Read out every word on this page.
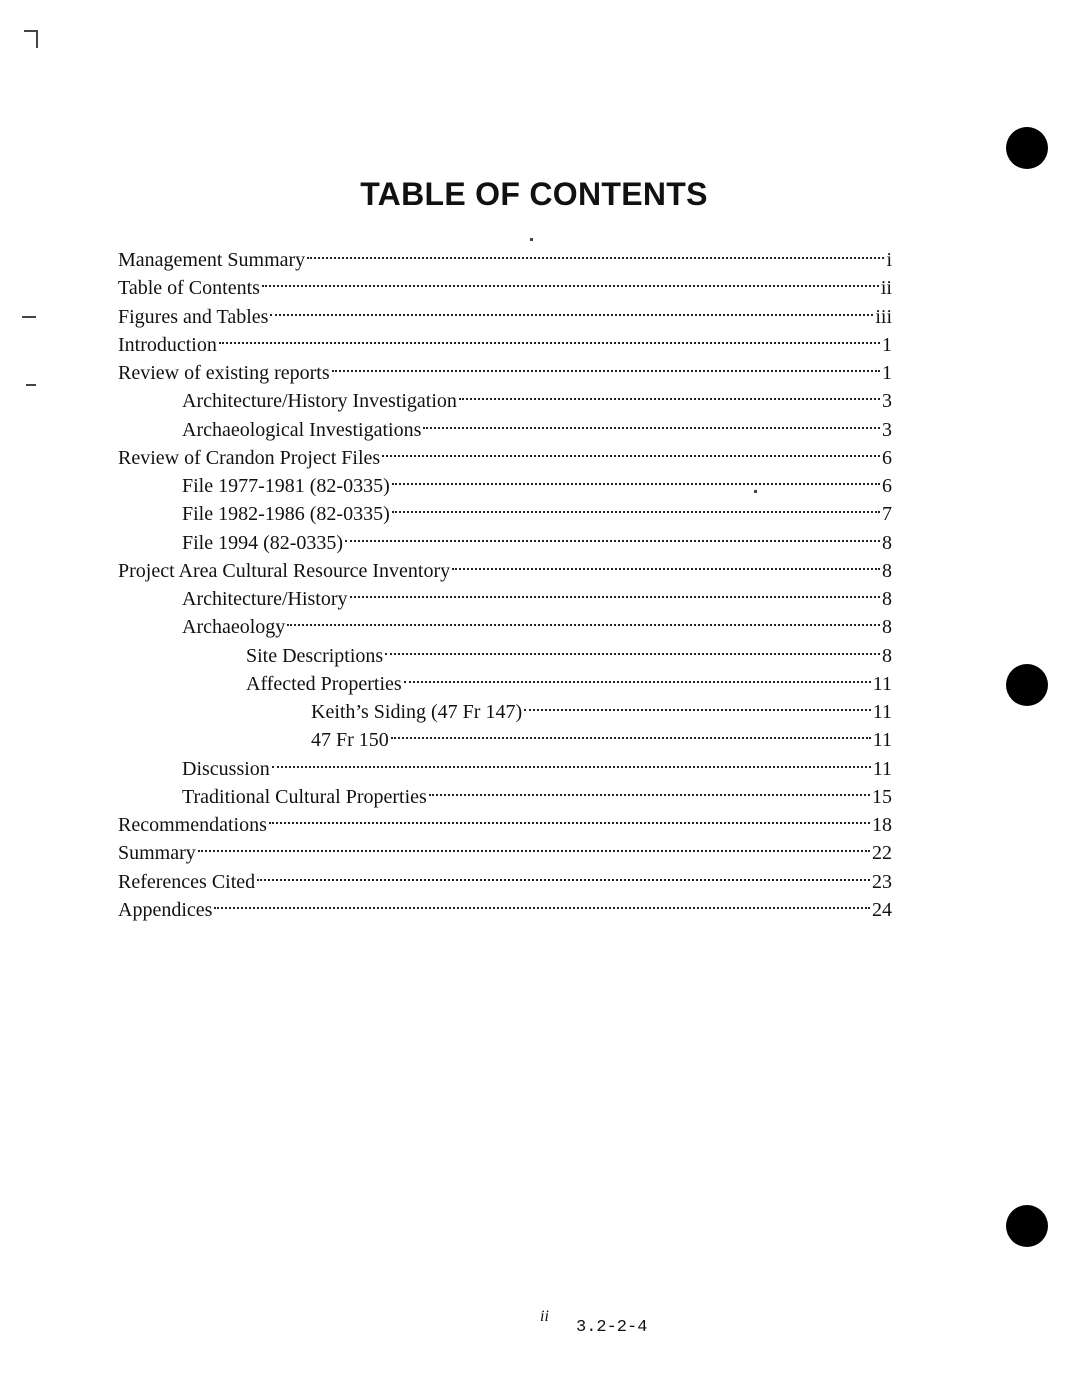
TABLE OF CONTENTS
Management Summary	i
Table of Contents	ii
Figures and Tables	iii
Introduction	1
Review of existing reports	1
Architecture/History Investigation	3
Archaeological Investigations	3
Review of Crandon Project Files	6
File 1977-1981 (82-0335)	6
File 1982-1986 (82-0335)	7
File 1994 (82-0335)	8
Project Area Cultural Resource Inventory	8
Architecture/History	8
Archaeology	8
Site Descriptions	8
Affected Properties	11
Keith’s Siding (47 Fr 147)	11
47 Fr 150	11
Discussion	11
Traditional Cultural Properties	15
Recommendations	18
Summary	22
References Cited	23
Appendices	24
ii
3.2-2-4
